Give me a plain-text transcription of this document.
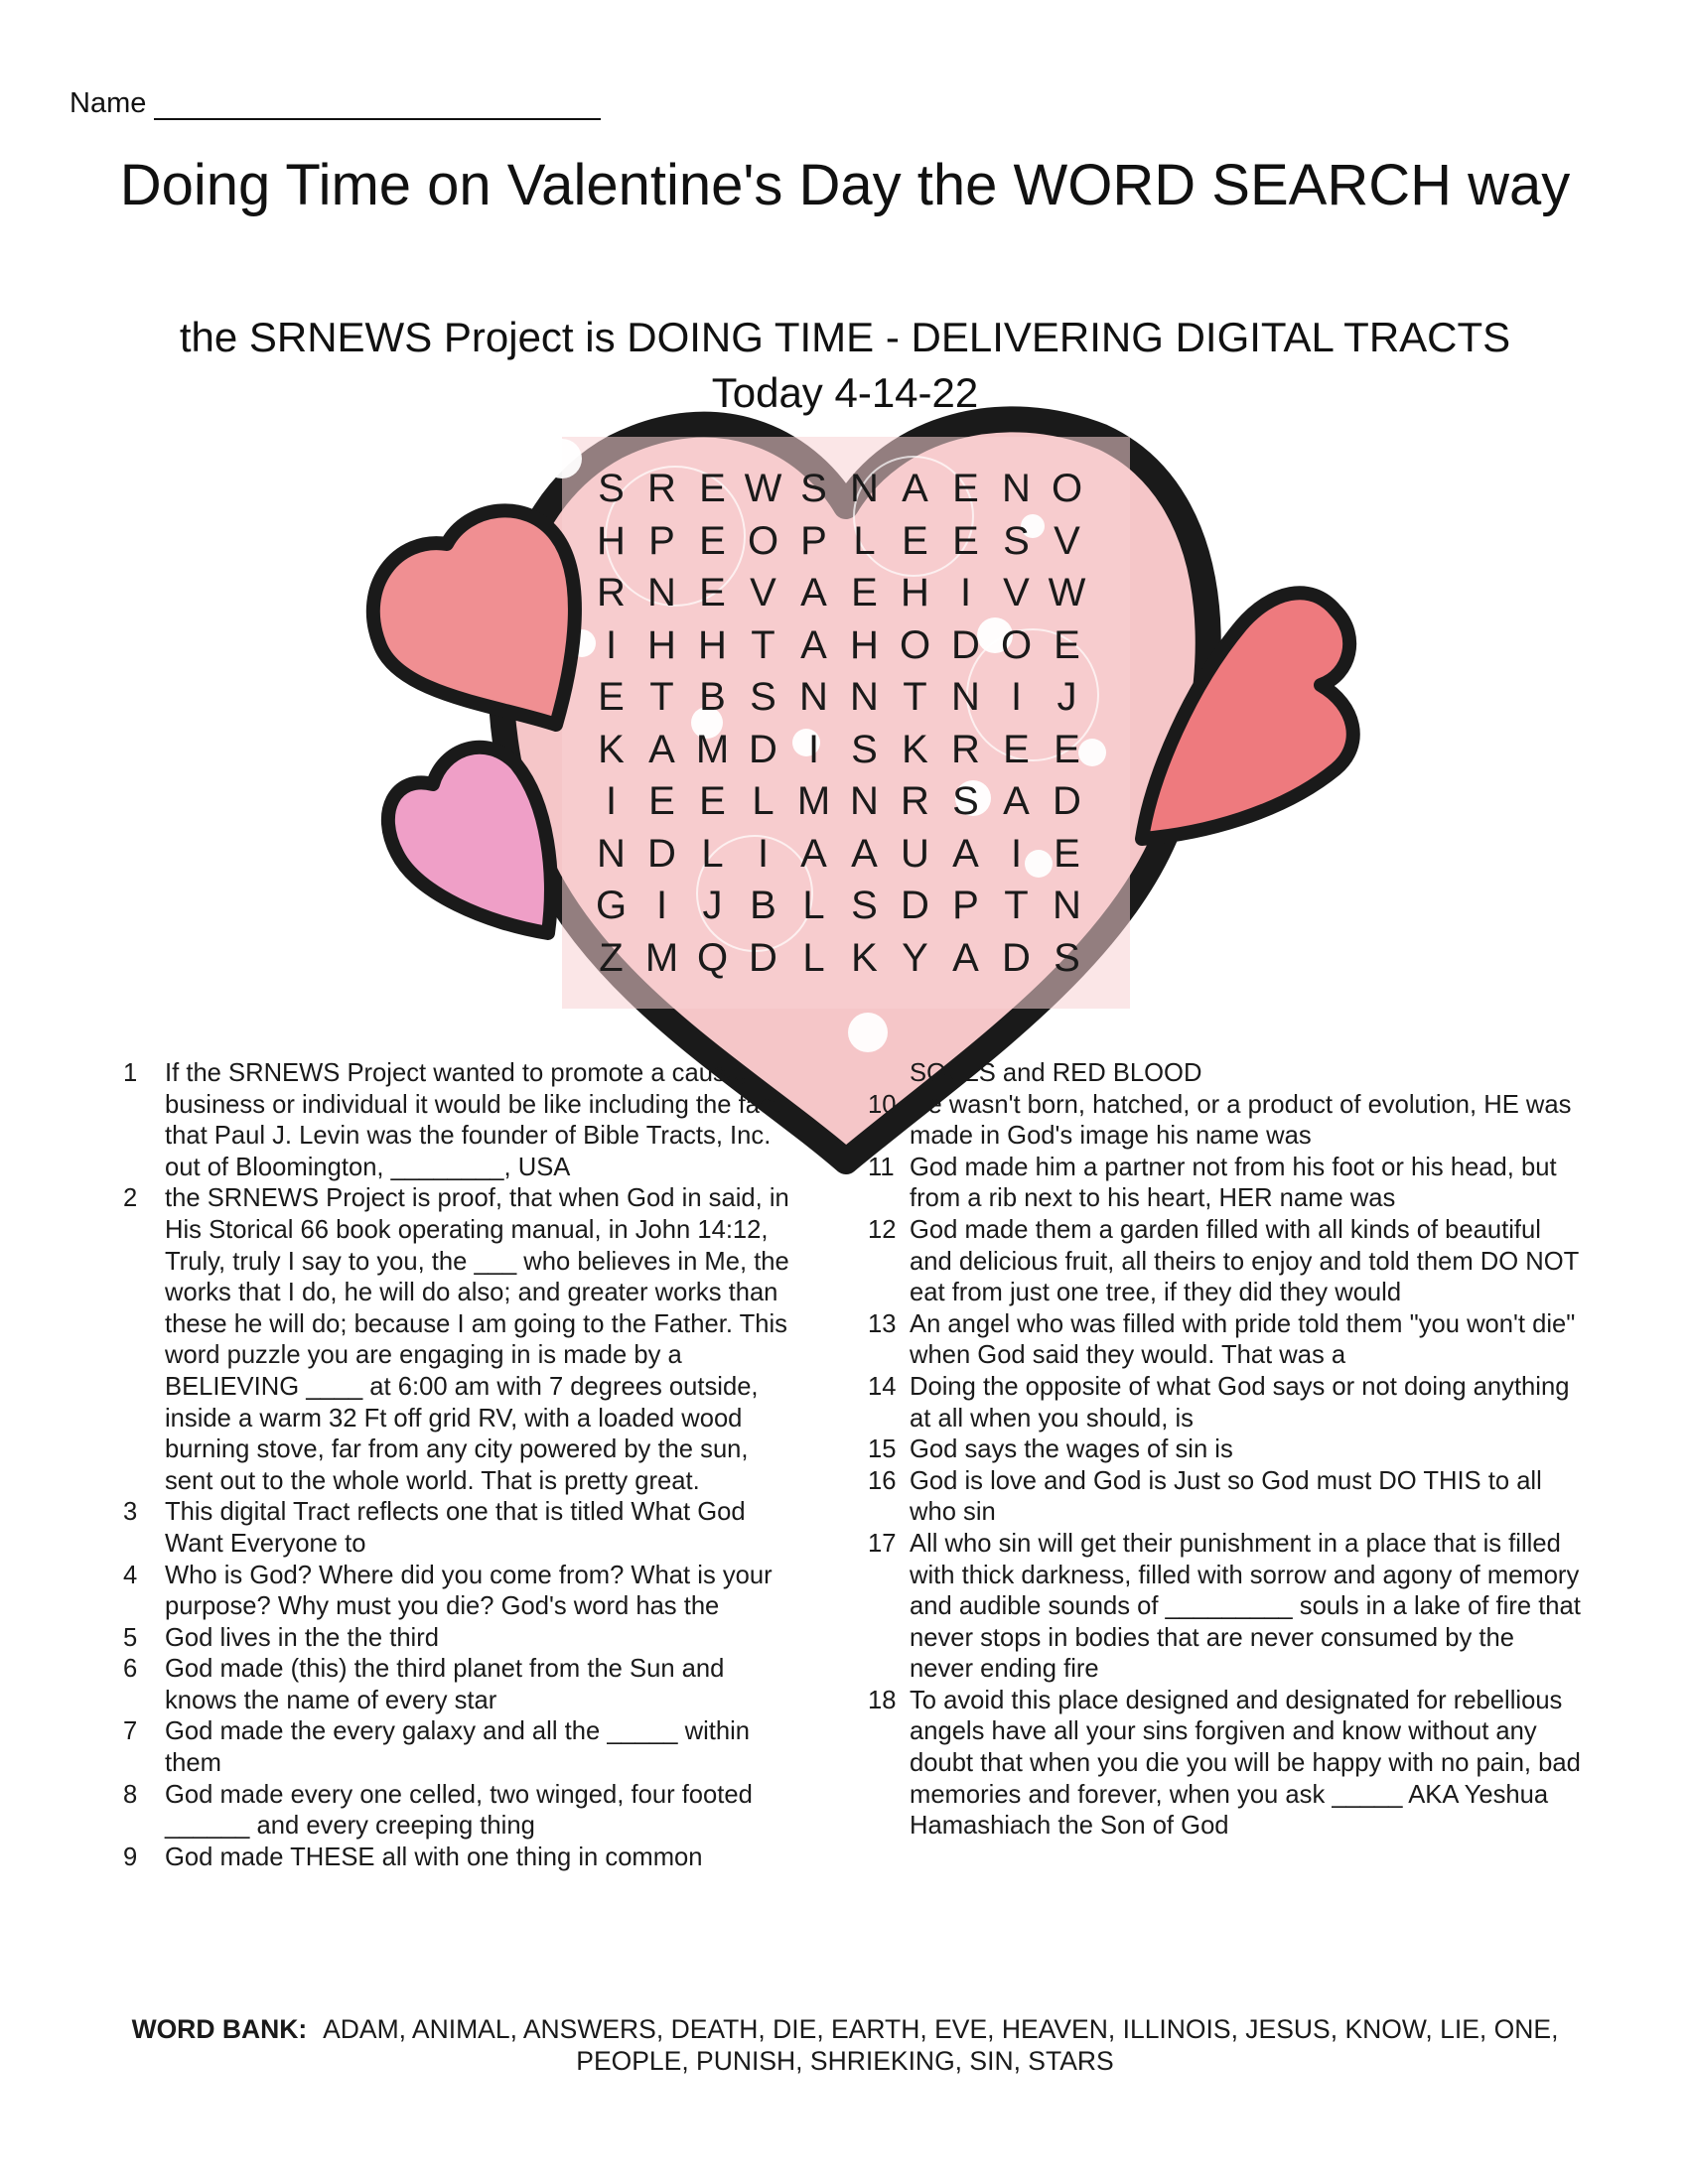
Name
Doing Time on Valentine's Day the WORD SEARCH way
the SRNEWS Project is DOING TIME - DELIVERING DIGITAL TRACTS Today 4-14-22
S R E W S N A E N O
H P E O P L E E S V
R N E V A E H I V W
I H H T A H O D O E
E T B S N N T N I J
K A M D I S K R E E
I E E L M N R S A D
N D L I A A U A I E
G I J B L S D P T N
Z M Q D L K Y A D S
1 If the SRNEWS Project wanted to promote a cause, business or individual it would be like including the fact that Paul J. Levin was the founder of Bible Tracts, Inc. out of Bloomington, ________, USA
2 the SRNEWS Project is proof, that when God in said, in His Storical 66 book operating manual, in John 14:12, Truly, truly I say to you, the ___ who believes in Me, the works that I do, he will do also; and greater works than these he will do; because I am going to the Father. This word puzzle you are engaging in is made by a BELIEVING ____ at 6:00 am with 7 degrees outside, inside a warm 32 Ft off grid RV, with a loaded wood burning stove, far from any city powered by the sun, sent out to the whole world. That is pretty great.
3 This digital Tract reflects one that is titled What God Want Everyone to
4 Who is God? Where did you come from? What is your purpose? Why must you die? God's word has the
5 God lives in the the third
6 God made (this) the third planet from the Sun and knows the name of every star
7 God made the every galaxy and all the _____ within them
8 God made every one celled, two winged, four footed ______ and every creeping thing
9 God made THESE all with one thing in common
SOULS and RED BLOOD
10 He wasn't born, hatched, or a product of evolution, HE was made in God's image his name was
11 God made him a partner not from his foot or his head, but from a rib next to his heart, HER name was
12 God made them a garden filled with all kinds of beautiful and delicious fruit, all theirs to enjoy and told them DO NOT eat from just one tree, if they did they would
13 An angel who was filled with pride told them "you won't die" when God said they would. That was a
14 Doing the opposite of what God says or not doing anything at all when you should, is
15 God says the wages of sin is
16 God is love and God is Just so God must DO THIS to all who sin
17 All who sin will get their punishment in a place that is filled with thick darkness, filled with sorrow and agony of memory and audible sounds of _________ souls in a lake of fire that never stops in bodies that are never consumed by the never ending fire
18 To avoid this place designed and designated for rebellious angels have all your sins forgiven and know without any doubt that when you die you will be happy with no pain, bad memories and forever, when you ask _____ AKA Yeshua Hamashiach the Son of God
WORD BANK: ADAM, ANIMAL, ANSWERS, DEATH, DIE, EARTH, EVE, HEAVEN, ILLINOIS, JESUS, KNOW, LIE, ONE, PEOPLE, PUNISH, SHRIEKING, SIN, STARS
